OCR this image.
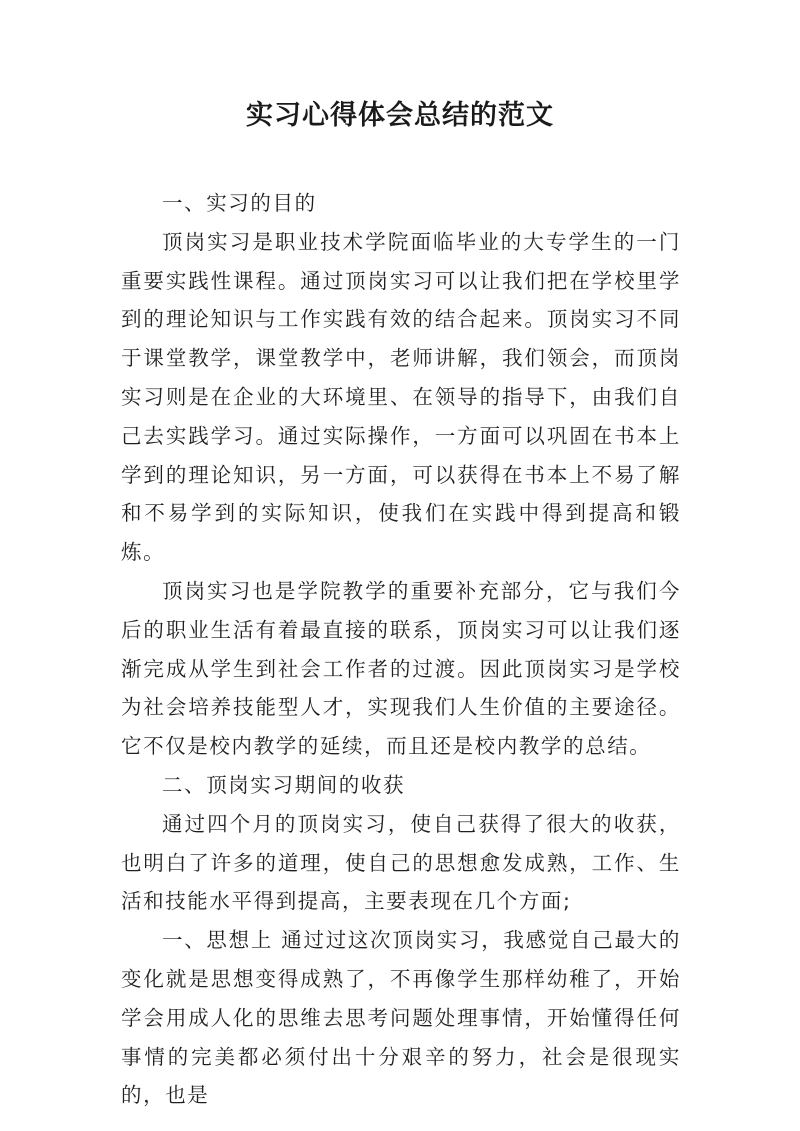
实习心得体会总结的范文

一、实习的目的

顶岗实习是职业技术学院面临毕业的大专学生的一门重要实践性课程。通过顶岗实习可以让我们把在学校里学到的理论知识与工作实践有效的结合起来。顶岗实习不同于课堂教学，课堂教学中，老师讲解，我们领会，而顶岗实习则是在企业的大环境里、在领导的指导下，由我们自己去实践学习。通过实际操作，一方面可以巩固在书本上学到的理论知识，另一方面，可以获得在书本上不易了解和不易学到的实际知识，使我们在实践中得到提高和锻炼。

顶岗实习也是学院教学的重要补充部分，它与我们今后的职业生活有着最直接的联系，顶岗实习可以让我们逐渐完成从学生到社会工作者的过渡。因此顶岗实习是学校为社会培养技能型人才，实现我们人生价值的主要途径。它不仅是校内教学的延续，而且还是校内教学的总结。

二、顶岗实习期间的收获

通过四个月的顶岗实习，使自己获得了很大的收获，也明白了许多的道理，使自己的思想愈发成熟，工作、生活和技能水平得到提高，主要表现在几个方面;

一、思想上 通过过这次顶岗实习，我感觉自己最大的变化就是思想变得成熟了，不再像学生那样幼稚了，开始学会用成人化的思维去思考问题处理事情，开始懂得任何事情的完美都必须付出十分艰辛的努力，社会是很现实的，也是
